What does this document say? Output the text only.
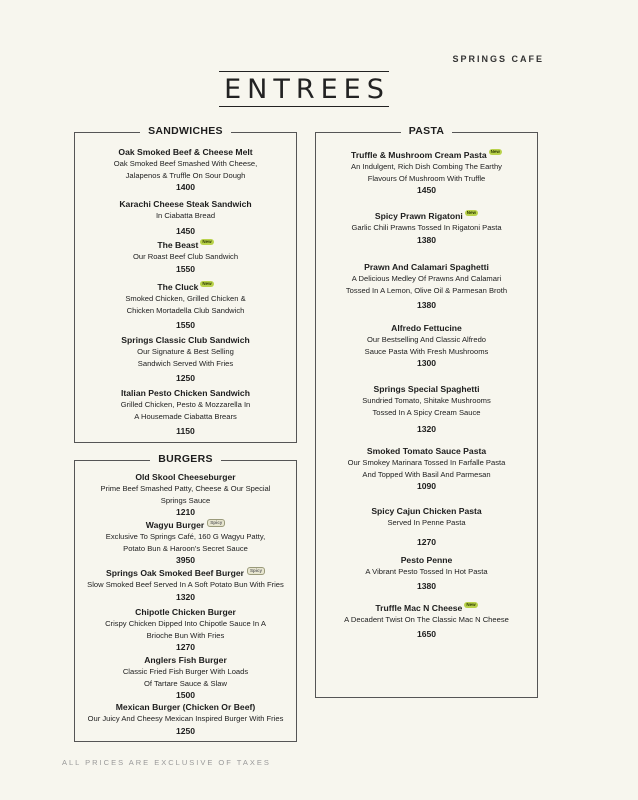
SPRINGS CAFE
ENTREES
SANDWICHES
Oak Smoked Beef & Cheese Melt
Oak Smoked Beef Smashed With Cheese,
Jalapenos & Truffle On Sour Dough
1400
Karachi Cheese Steak Sandwich
In Ciabatta Bread
1450
The Beast New
Our Roast Beef Club Sandwich
1550
The Cluck New
Smoked Chicken, Grilled Chicken &
Chicken Mortadella Club Sandwich
1550
Springs Classic Club Sandwich
Our Signature & Best Selling
Sandwich Served With Fries
1250
Italian Pesto Chicken Sandwich
Grilled Chicken, Pesto & Mozzarella In
A Housemade Ciabatta Brears
1150
BURGERS
Old Skool Cheeseburger
Prime Beef Smashed Patty, Cheese & Our Special
Springs Sauce
1210
Wagyu Burger Spicy
Exclusive To Springs Café, 160 G Wagyu Patty,
Potato Bun & Haroon's Secret Sauce
3950
Springs Oak Smoked Beef Burger Spicy
Slow Smoked Beef Served In A Soft Potato Bun With Fries
1320
Chipotle Chicken Burger
Crispy Chicken Dipped Into Chipotle Sauce In A
Brioche Bun With Fries
1270
Anglers Fish Burger
Classic Fried Fish Burger With Loads
Of Tartare Sauce & Slaw
1500
Mexican Burger (Chicken Or Beef)
Our Juicy And Cheesy Mexican Inspired Burger With Fries
1250
PASTA
Truffle & Mushroom Cream Pasta New
An Indulgent, Rich Dish Combing The Earthy
Flavours Of Mushroom With Truffle
1450
Spicy Prawn Rigatoni New
Garlic Chili Prawns Tossed In Rigatoni Pasta
1380
Prawn And Calamari Spaghetti
A Delicious Medley Of Prawns And Calamari
Tossed In A Lemon, Olive Oil & Parmesan Broth
1380
Alfredo Fettucine
Our Bestselling And Classic Alfredo
Sauce Pasta With Fresh Mushrooms
1300
Springs Special Spaghetti
Sundried Tomato, Shitake Mushrooms
Tossed In A Spicy Cream Sauce
1320
Smoked Tomato Sauce Pasta
Our Smokey Marinara Tossed In Farfalle Pasta
And Topped With Basil And Parmesan
1090
Spicy Cajun Chicken Pasta
Served In Penne Pasta
1270
Pesto Penne
A Vibrant Pesto Tossed In Hot Pasta
1380
Truffle Mac N Cheese New
A Decadent Twist On The Classic Mac N Cheese
1650
ALL PRICES ARE EXCLUSIVE OF TAXES
